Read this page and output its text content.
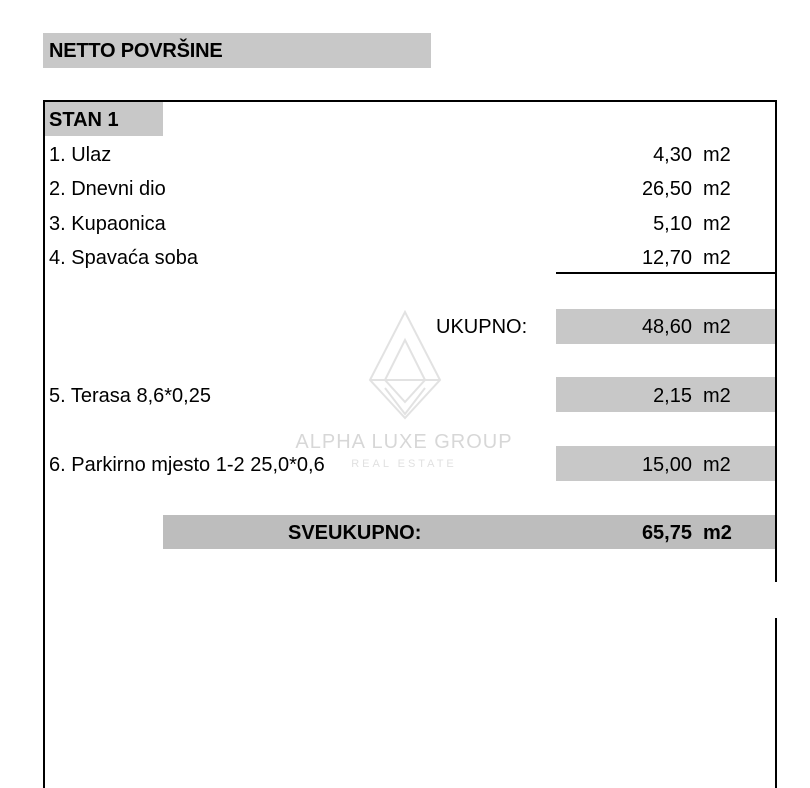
NETTO POVRŠINE
STAN 1
ALPHA LUXE GROUP
REAL ESTATE
1. Ulaz	4,30 m2
2. Dnevni dio	26,50 m2
3. Kupaonica	5,10 m2
4. Spavaća soba	12,70 m2
UKUPNO:	48,60 m2
5. Terasa 8,6*0,25	2,15 m2
6. Parkirno mjesto 1-2 25,0*0,6	15,00 m2
SVEUKUPNO:	65,75 m2
